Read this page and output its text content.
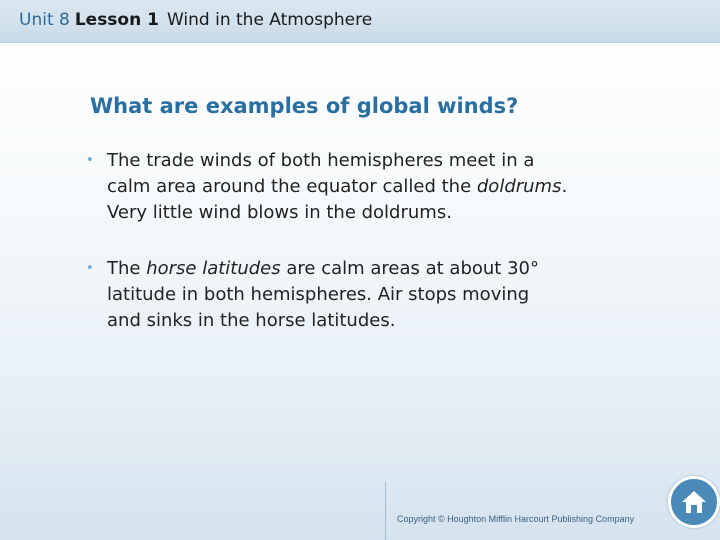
Unit 8 Lesson 1 Wind in the Atmosphere
What are examples of global winds?
• The trade winds of both hemispheres meet in a
calm area around the equator called the doldrums.
Very little wind blows in the doldrums.
• The horse latitudes are calm areas at about 30°
latitude in both hemispheres. Air stops moving
and sinks in the horse latitudes.
Copyright © Houghton Mifflin Harcourt Publishing Company
